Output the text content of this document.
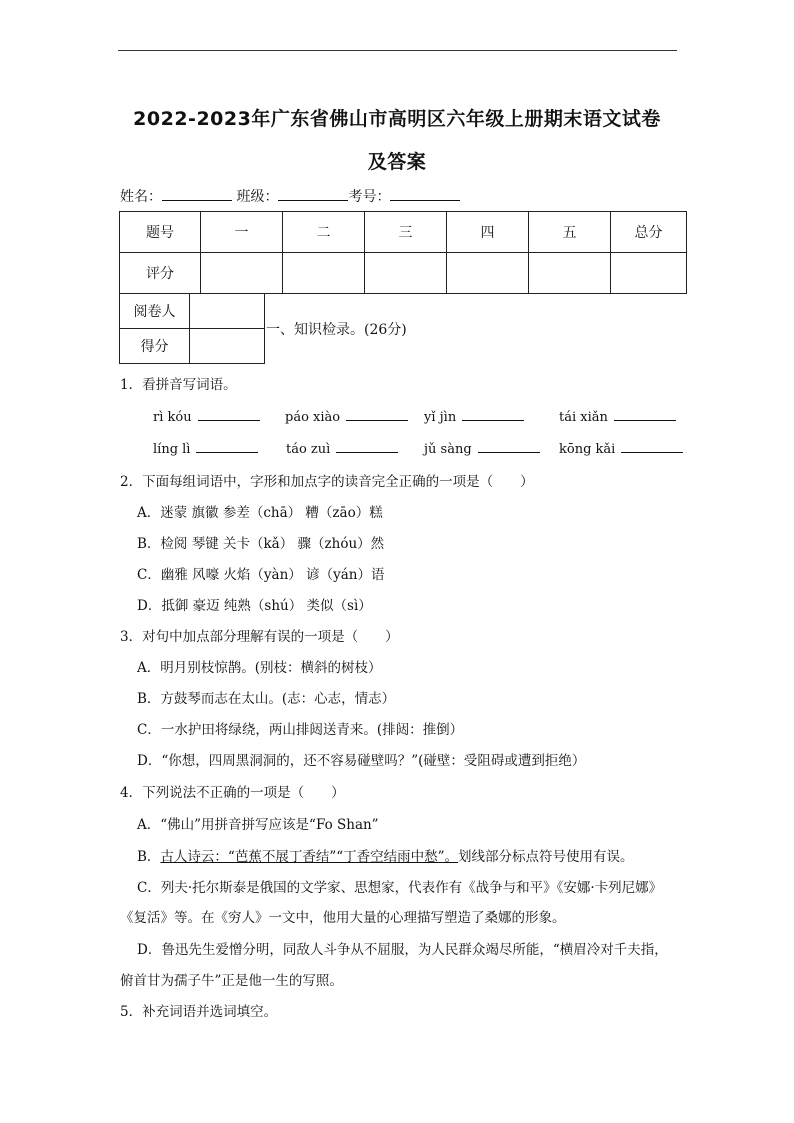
2022-2023年广东省佛山市高明区六年级上册期末语文试卷
及答案
姓名：	班级：	考号：
题号	一	二	三	四	五	总分
评分						
阅卷人	
得分	
一、知识检录。(26分)
1．看拼音写词语。
rì kóu	páo xiào	yǐ jìn	tái xiǎn
líng lì	táo zuì	jǔ sàng	kōng kǎi
2．下面每组词语中，字形和加点字的读音完全正确的一项是（　　）
A．迷蒙 旗徽 参差（chā） 糟（zāo）糕
B．检阅 琴键 关卡（kǎ） 骤（zhóu）然
C．幽雅 风嚎 火焰（yàn） 谚（yán）语
D．抵御 豪迈 纯熟（shú） 类似（sì）
3．对句中加点部分理解有误的一项是（　　）
A．明月别枝惊鹊。(别枝：横斜的树枝）
B．方鼓琴而志在太山。(志：心志，情志）
C．一水护田将绿绕，两山排闼送青来。(排闼：推倒）
D．“你想，四周黑洞洞的，还不容易碰壁吗？”(碰壁：受阻碍或遭到拒绝）
4．下列说法不正确的一项是（　　）
A．“佛山”用拼音拼写应该是“Fo Shan”
B．古人诗云：“芭蕉不展丁香结”“丁香空结雨中愁”。划线部分标点符号使用有误。
C．列夫·托尔斯泰是俄国的文学家、思想家，代表作有《战争与和平》《安娜·卡列尼娜》
《复活》等。在《穷人》一文中，他用大量的心理描写塑造了桑娜的形象。
D．鲁迅先生爱憎分明，同敌人斗争从不屈服，为人民群众竭尽所能，“横眉冷对千夫指，
俯首甘为孺子牛”正是他一生的写照。
5．补充词语并选词填空。
